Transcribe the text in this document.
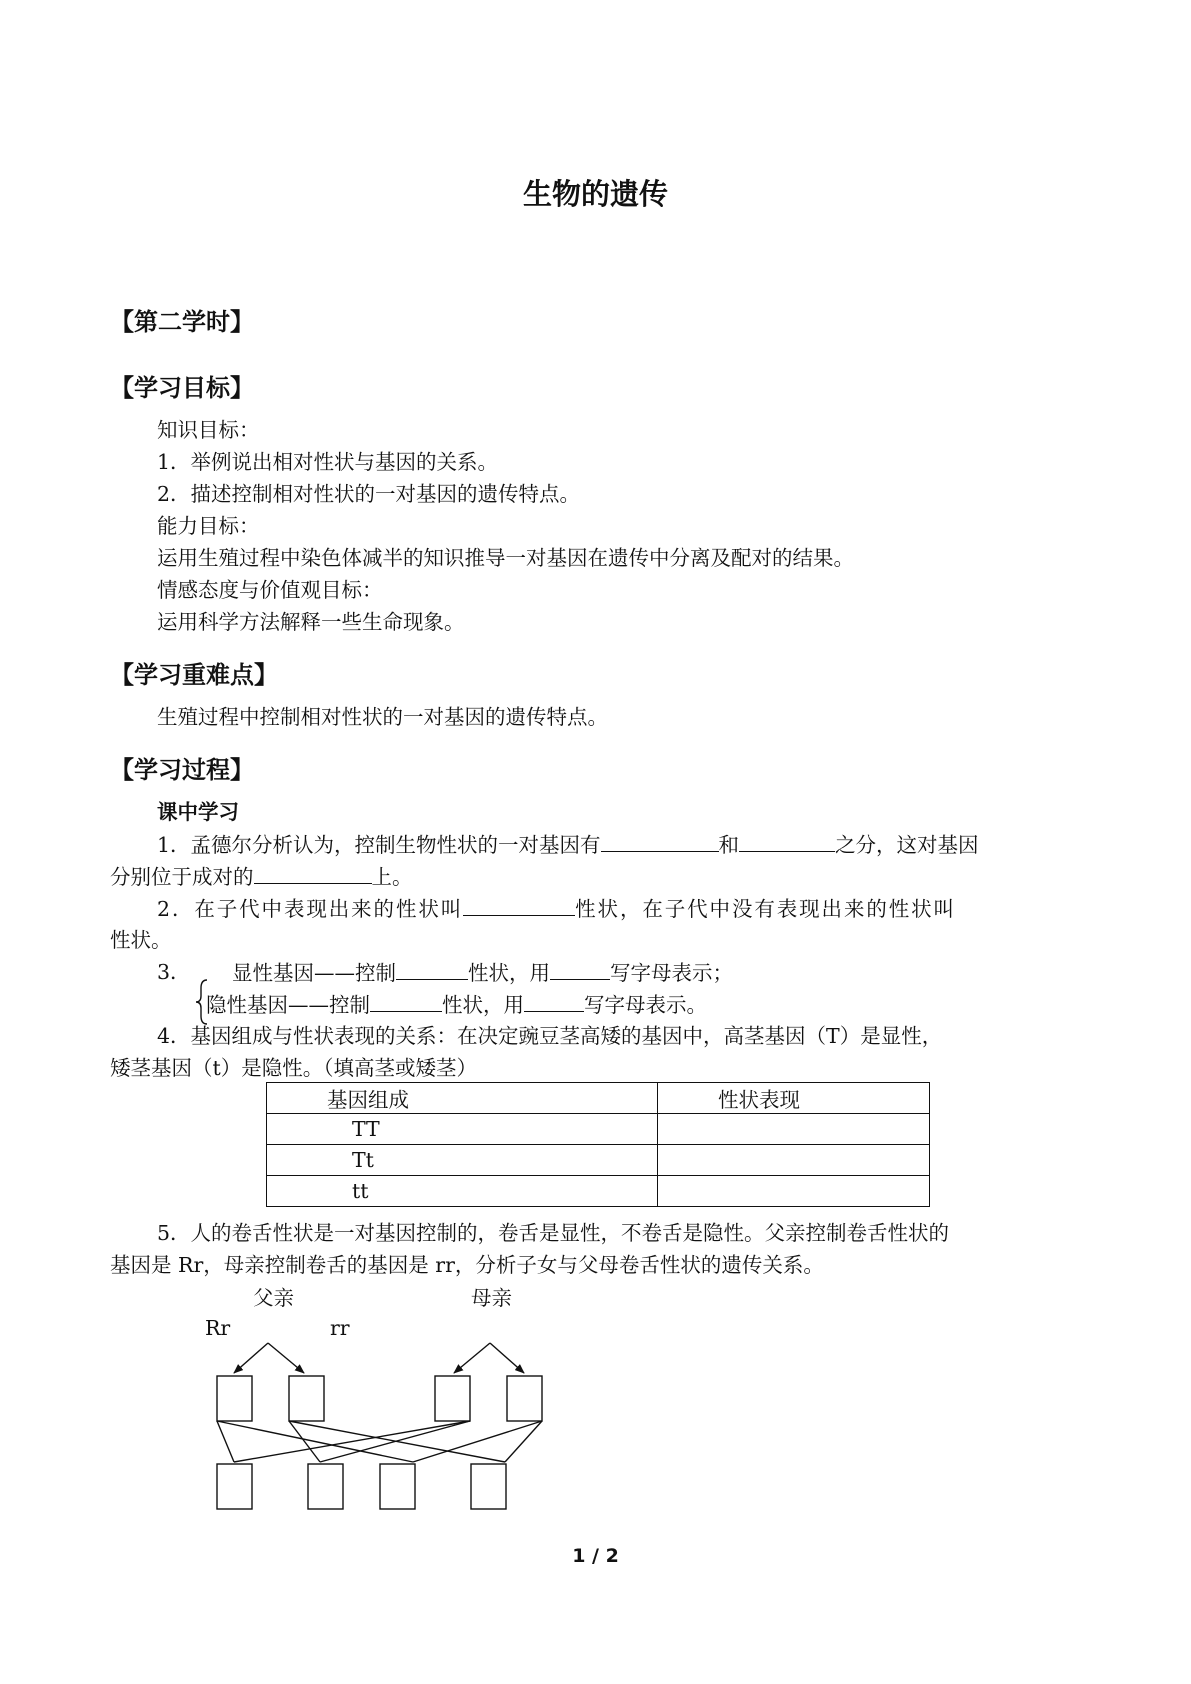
生物的遗传
【第二学时】
【学习目标】
知识目标：
1．举例说出相对性状与基因的关系。
2．描述控制相对性状的一对基因的遗传特点。
能力目标：
运用生殖过程中染色体减半的知识推导一对基因在遗传中分离及配对的结果。
情感态度与价值观目标：
运用科学方法解释一些生命现象。
【学习重难点】
生殖过程中控制相对性状的一对基因的遗传特点。
【学习过程】
课中学习
1．孟德尔分析认为，控制生物性状的一对基因有	和	之分，这对基因
分别位于成对的	上。
2．在子代中表现出来的性状叫	性状，在子代中没有表现出来的性状叫
性状。
3． 显性基因——控制	性状，用	写字母表示；
隐性基因——控制	性状，用	写字母表示。
4．基因组成与性状表现的关系：在决定豌豆茎高矮的基因中，高茎基因（T）是显性，
矮茎基因（t）是隐性。（填高茎或矮茎）
基因组成	性状表现
TT	
Tt	
tt	
5．人的卷舌性状是一对基因控制的，卷舌是显性，不卷舌是隐性。父亲控制卷舌性状的
基因是 Rr，母亲控制卷舌的基因是 rr，分析子女与父母卷舌性状的遗传关系。
父亲	母亲
Rr	rr
1 / 2
